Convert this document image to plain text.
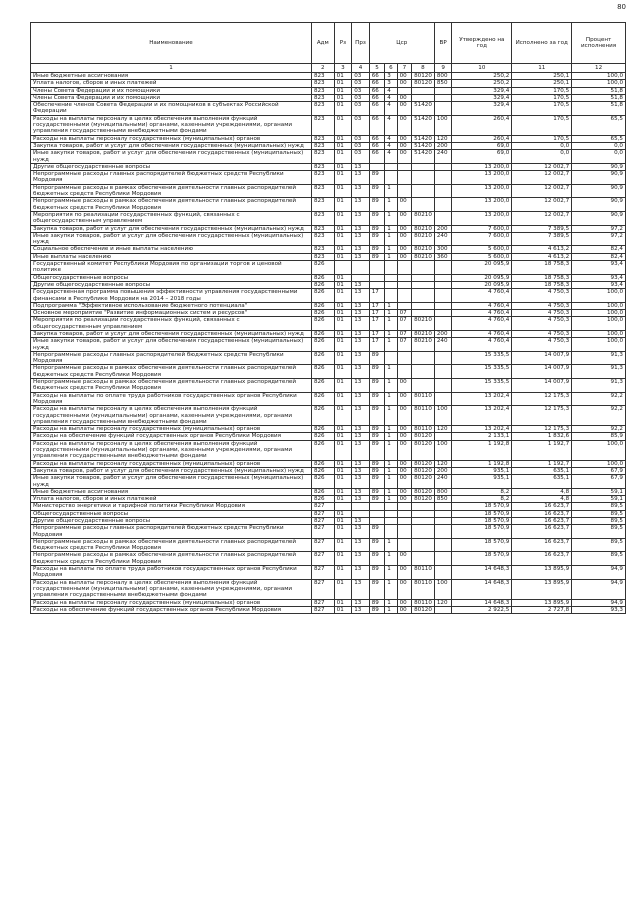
80
Наименование	Адм	Рз	Прз	Цср				ВР	Утверждено на год	Исполнено за год	Процент исполнения
1	2	3	4	5	6	7	8	9	10	11	12
Иные бюджетные ассигнования	823	01	03	66	3	00	80120	800	250,2	250,1	100,0
Уплата налогов, сборов и иных платежей	823	01	03	66	3	00	80120	850	250,2	250,1	100,0
Члены Совета Федерации и их помощники	823	01	03	66	4				329,4	170,5	51,8
Члены Совета Федерации и их помощники	823	01	03	66	4	00			329,4	170,5	51,8
Обеспечение членов Совета Федерации и их помощников в субъектах Российской Федерации	823	01	03	66	4	00	51420		329,4	170,5	51,8
Расходы на выплаты персоналу в целях обеспечения выполнения функций государственными (муниципальными) органами, казенными учреждениями, органами управления государственными внебюджетными фондами	823	01	03	66	4	00	51420	100	260,4	170,5	65,5
Расходы на выплаты персоналу государственных (муниципальных) органов	823	01	03	66	4	00	51420	120	260,4	170,5	65,5
Закупка товаров, работ и услуг для обеспечения государственных (муниципальных) нужд	823	01	03	66	4	00	51420	200	69,0	0,0	0,0
Иные закупки товаров, работ и услуг для обеспечения государственных (муниципальных) нужд	823	01	03	66	4	00	51420	240	69,0	0,0	0,0
Другие общегосударственные вопросы	823	01	13						13 200,0	12 002,7	90,9
Непрограммные расходы главных распорядителей бюджетных средств Республики Мордовия	823	01	13	89					13 200,0	12 002,7	90,9
Непрограммные расходы в рамках обеспечения деятельности главных распорядителей бюджетных средств Республики Мордовия	823	01	13	89	1				13 200,0	12 002,7	90,9
Непрограммные расходы в рамках обеспечения деятельности главных распорядителей бюджетных средств Республики Мордовия	823	01	13	89	1	00			13 200,0	12 002,7	90,9
Мероприятия по реализации государственных функций, связанных с общегосударственным управлением	823	01	13	89	1	00	80210		13 200,0	12 002,7	90,9
Закупка товаров, работ и услуг для обеспечения государственных (муниципальных) нужд	823	01	13	89	1	00	80210	200	7 600,0	7 389,5	97,2
Иные закупки товаров, работ и услуг для обеспечения государственных (муниципальных) нужд	823	01	13	89	1	00	80210	240	7 600,0	7 389,5	97,2
Социальное обеспечение и иные выплаты населению	823	01	13	89	1	00	80210	300	5 600,0	4 613,2	82,4
Иные выплаты населению	823	01	13	89	1	00	80210	360	5 600,0	4 613,2	82,4
Государственный комитет Республики Мордовия по организации торгов и ценовой политике	826								20 095,9	18 758,3	93,4
Общегосударственные вопросы	826	01							20 095,9	18 758,3	93,4
Другие общегосударственные вопросы	826	01	13						20 095,9	18 758,3	93,4
Государственная программа повышения эффективности управления государственными финансами в Республике Мордовия на 2014 – 2018 годы	826	01	13	17					4 760,4	4 750,3	100,0
Подпрограмма "Эффективное использование бюджетного потенциала"	826	01	13	17	1				4 760,4	4 750,3	100,0
Основное мероприятие "Развитие информационных систем и ресурсов"	826	01	13	17	1	07			4 760,4	4 750,3	100,0
Мероприятия по реализации государственных функций, связанных с общегосударственным управлением	826	01	13	17	1	07	80210		4 760,4	4 750,3	100,0
Закупка товаров, работ и услуг для обеспечения государственных (муниципальных) нужд	826	01	13	17	1	07	80210	200	4 760,4	4 750,3	100,0
Иные закупки товаров, работ и услуг для обеспечения государственных (муниципальных) нужд	826	01	13	17	1	07	80210	240	4 760,4	4 750,3	100,0
Непрограммные расходы главных распорядителей бюджетных средств Республики Мордовия	826	01	13	89					15 335,5	14 007,9	91,3
Непрограммные расходы в рамках обеспечения деятельности главных распорядителей бюджетных средств Республики Мордовия	826	01	13	89	1				15 335,5	14 007,9	91,3
Непрограммные расходы в рамках обеспечения деятельности главных распорядителей бюджетных средств Республики Мордовия	826	01	13	89	1	00			15 335,5	14 007,9	91,3
Расходы на выплаты по оплате труда работников государственных органов Республики Мордовия	826	01	13	89	1	00	80110		13 202,4	12 175,3	92,2
Расходы на выплаты персоналу в целях обеспечения выполнения функций государственными (муниципальными) органами, казенными учреждениями, органами управления государственными внебюджетными фондами	826	01	13	89	1	00	80110	100	13 202,4	12 175,3	92,2
Расходы на выплаты персоналу государственных (муниципальных) органов	826	01	13	89	1	00	80110	120	13 202,4	12 175,3	92,2
Расходы на обеспечение функций государственных органов Республики Мордовия	826	01	13	89	1	00	80120		2 133,1	1 832,6	85,9
Расходы на выплаты персоналу в целях обеспечения выполнения функций государственными (муниципальными) органами, казенными учреждениями, органами управления государственными внебюджетными фондами	826	01	13	89	1	00	80120	100	1 192,8	1 192,7	100,0
Расходы на выплаты персоналу государственных (муниципальных) органов	826	01	13	89	1	00	80120	120	1 192,8	1 192,7	100,0
Закупка товаров, работ и услуг для обеспечения государственных (муниципальных) нужд	826	01	13	89	1	00	80120	200	935,1	635,1	67,9
Иные закупки товаров, работ и услуг для обеспечения государственных (муниципальных) нужд	826	01	13	89	1	00	80120	240	935,1	635,1	67,9
Иные бюджетные ассигнования	826	01	13	89	1	00	80120	800	8,2	4,8	59,1
Уплата налогов, сборов и иных платежей	826	01	13	89	1	00	80120	850	8,2	4,8	59,1
Министерство энергетики и тарифной политики Республики Мордовия	827								18 570,9	16 623,7	89,5
Общегосударственные вопросы	827	01							18 570,9	16 623,7	89,5
Другие общегосударственные вопросы	827	01	13						18 570,9	16 623,7	89,5
Непрограммные расходы главных распорядителей бюджетных средств Республики Мордовия	827	01	13	89					18 570,9	16 623,7	89,5
Непрограммные расходы в рамках обеспечения деятельности главных распорядителей бюджетных средств Республики Мордовия	827	01	13	89	1				18 570,9	16 623,7	89,5
Непрограммные расходы в рамках обеспечения деятельности главных распорядителей бюджетных средств Республики Мордовия	827	01	13	89	1	00			18 570,9	16 623,7	89,5
Расходы на выплаты по оплате труда работников государственных органов Республики Мордовия	827	01	13	89	1	00	80110		14 648,3	13 895,9	94,9
Расходы на выплаты персоналу в целях обеспечения выполнения функций государственными (муниципальными) органами, казенными учреждениями, органами управления государственными внебюджетными фондами	827	01	13	89	1	00	80110	100	14 648,3	13 895,9	94,9
Расходы на выплаты персоналу государственных (муниципальных) органов	827	01	13	89	1	00	80110	120	14 648,3	13 895,9	94,9
Расходы на обеспечение функций государственных органов Республики Мордовия	827	01	13	89	1	00	80120		2 922,5	2 727,8	93,3
